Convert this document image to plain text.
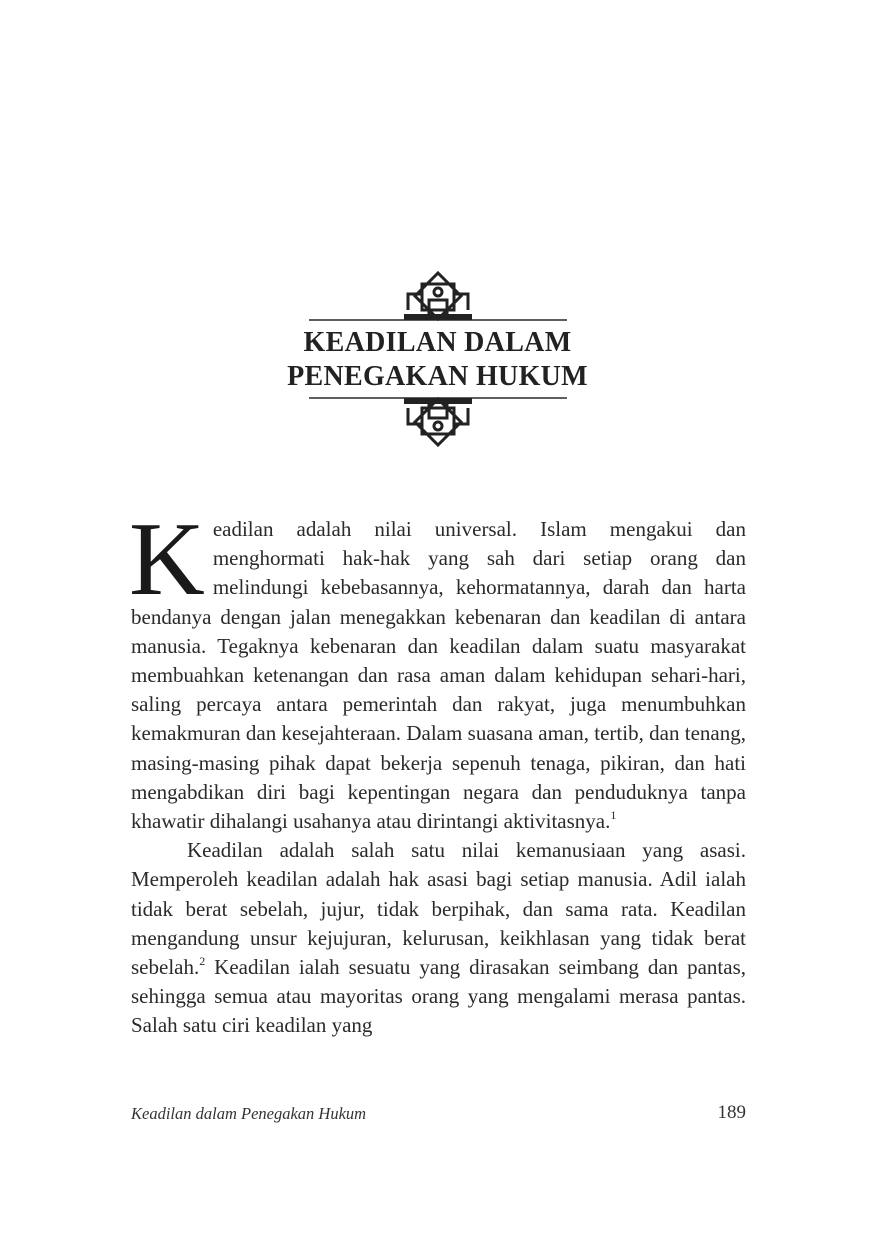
KEADILAN DALAM
PENEGAKAN HUKUM

Keadilan adalah nilai universal. Islam mengakui dan menghormati hak-hak yang sah dari setiap orang dan melindungi kebebasannya, kehormatannya, darah dan harta bendanya dengan jalan menegakkan kebenaran dan keadilan di antara manusia. Tegaknya kebenaran dan keadilan dalam suatu masyarakat membuahkan ketenangan dan rasa aman dalam kehidupan sehari-hari, saling percaya antara pemerintah dan rakyat, juga menumbuhkan kemakmuran dan kesejahteraan. Dalam suasana aman, tertib, dan tenang, masing-masing pihak dapat bekerja sepenuh tenaga, pikiran, dan hati mengabdikan diri bagi kepentingan negara dan penduduknya tanpa khawatir dihalangi usahanya atau dirintangi aktivitasnya.$^1$

Keadilan adalah salah satu nilai kemanusiaan yang asasi. Memperoleh keadilan adalah hak asasi bagi setiap manusia. Adil ialah tidak berat sebelah, jujur, tidak berpihak, dan sama rata. Keadilan mengandung unsur kejujuran, kelurusan, keikhlasan yang tidak berat sebelah.$^2$ Keadilan ialah sesuatu yang dirasakan seimbang dan pantas, sehingga semua atau mayoritas orang yang mengalami merasa pantas. Salah satu ciri keadilan yang

Keadilan dalam Penegakan Hukum	189
